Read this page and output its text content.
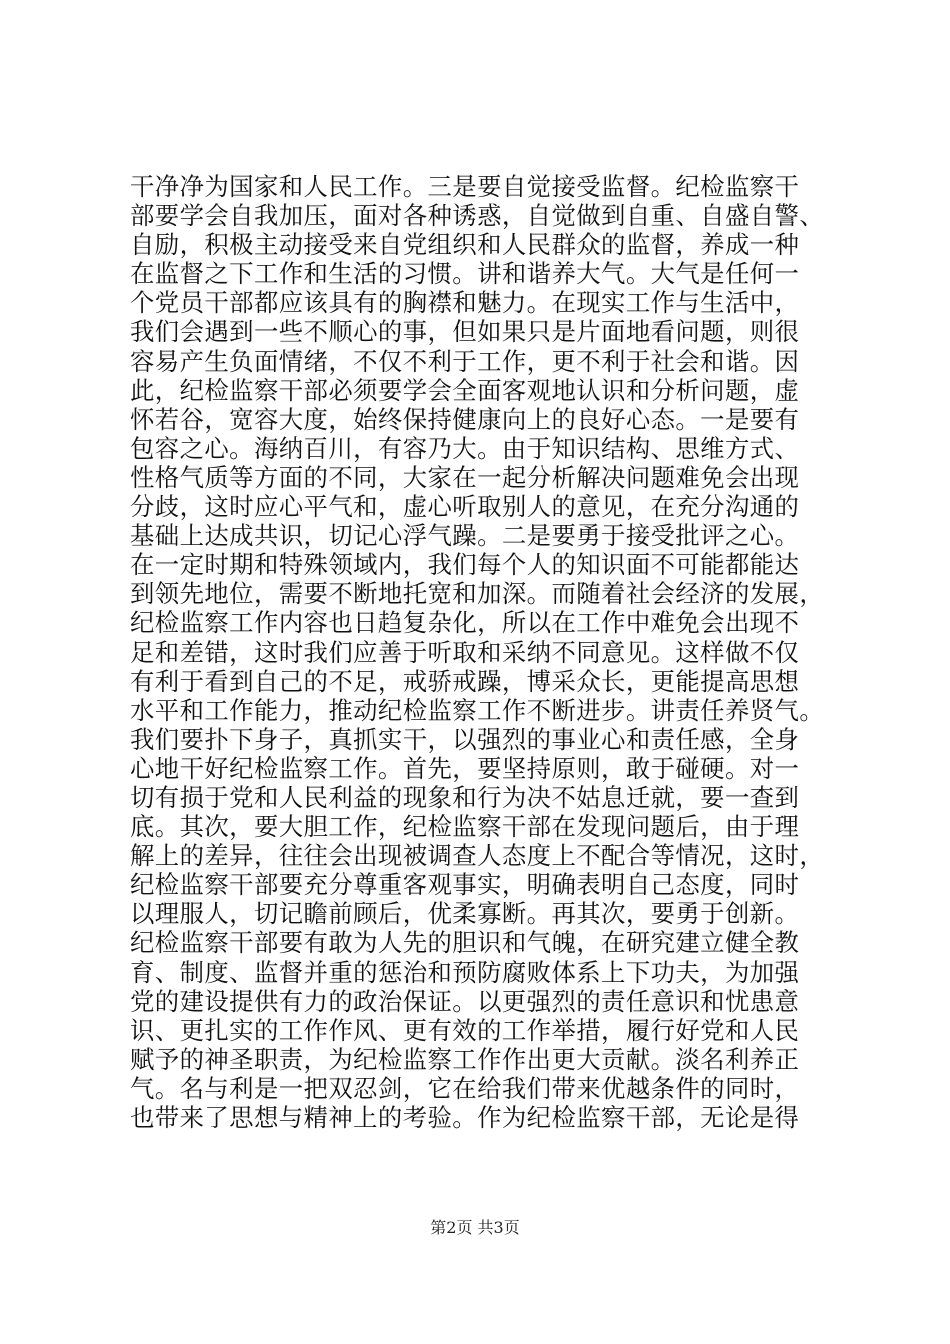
干净净为国家和人民工作。三是要自觉接受监督。纪检监察干
部要学会自我加压，面对各种诱惑，自觉做到自重、自盛自警、
自励，积极主动接受来自党组织和人民群众的监督，养成一种
在监督之下工作和生活的习惯。讲和谐养大气。大气是任何一
个党员干部都应该具有的胸襟和魅力。在现实工作与生活中，
我们会遇到一些不顺心的事，但如果只是片面地看问题，则很
容易产生负面情绪，不仅不利于工作，更不利于社会和谐。因
此，纪检监察干部必须要学会全面客观地认识和分析问题，虚
怀若谷，宽容大度，始终保持健康向上的良好心态。一是要有
包容之心。海纳百川，有容乃大。由于知识结构、思维方式、
性格气质等方面的不同，大家在一起分析解决问题难免会出现
分歧，这时应心平气和，虚心听取别人的意见，在充分沟通的
基础上达成共识，切记心浮气躁。二是要勇于接受批评之心。
在一定时期和特殊领域内，我们每个人的知识面不可能都能达
到领先地位，需要不断地托宽和加深。而随着社会经济的发展，
纪检监察工作内容也日趋复杂化，所以在工作中难免会出现不
足和差错，这时我们应善于听取和采纳不同意见。这样做不仅
有利于看到自己的不足，戒骄戒躁，博采众长，更能提高思想
水平和工作能力，推动纪检监察工作不断进步。讲责任养贤气。
我们要扑下身子，真抓实干，以强烈的事业心和责任感，全身
心地干好纪检监察工作。首先，要坚持原则，敢于碰硬。对一
切有损于党和人民利益的现象和行为决不姑息迁就，要一查到
底。其次，要大胆工作，纪检监察干部在发现问题后，由于理
解上的差异，往往会出现被调查人态度上不配合等情况，这时，
纪检监察干部要充分尊重客观事实，明确表明自己态度，同时
以理服人，切记瞻前顾后，优柔寡断。再其次，要勇于创新。
纪检监察干部要有敢为人先的胆识和气魄，在研究建立健全教
育、制度、监督并重的惩治和预防腐败体系上下功夫，为加强
党的建设提供有力的政治保证。以更强烈的责任意识和忧患意
识、更扎实的工作作风、更有效的工作举措，履行好党和人民
赋予的神圣职责，为纪检监察工作作出更大贡献。淡名利养正
气。名与利是一把双忍剑，它在给我们带来优越条件的同时，
也带来了思想与精神上的考验。作为纪检监察干部，无论是得
第2页 共3页
